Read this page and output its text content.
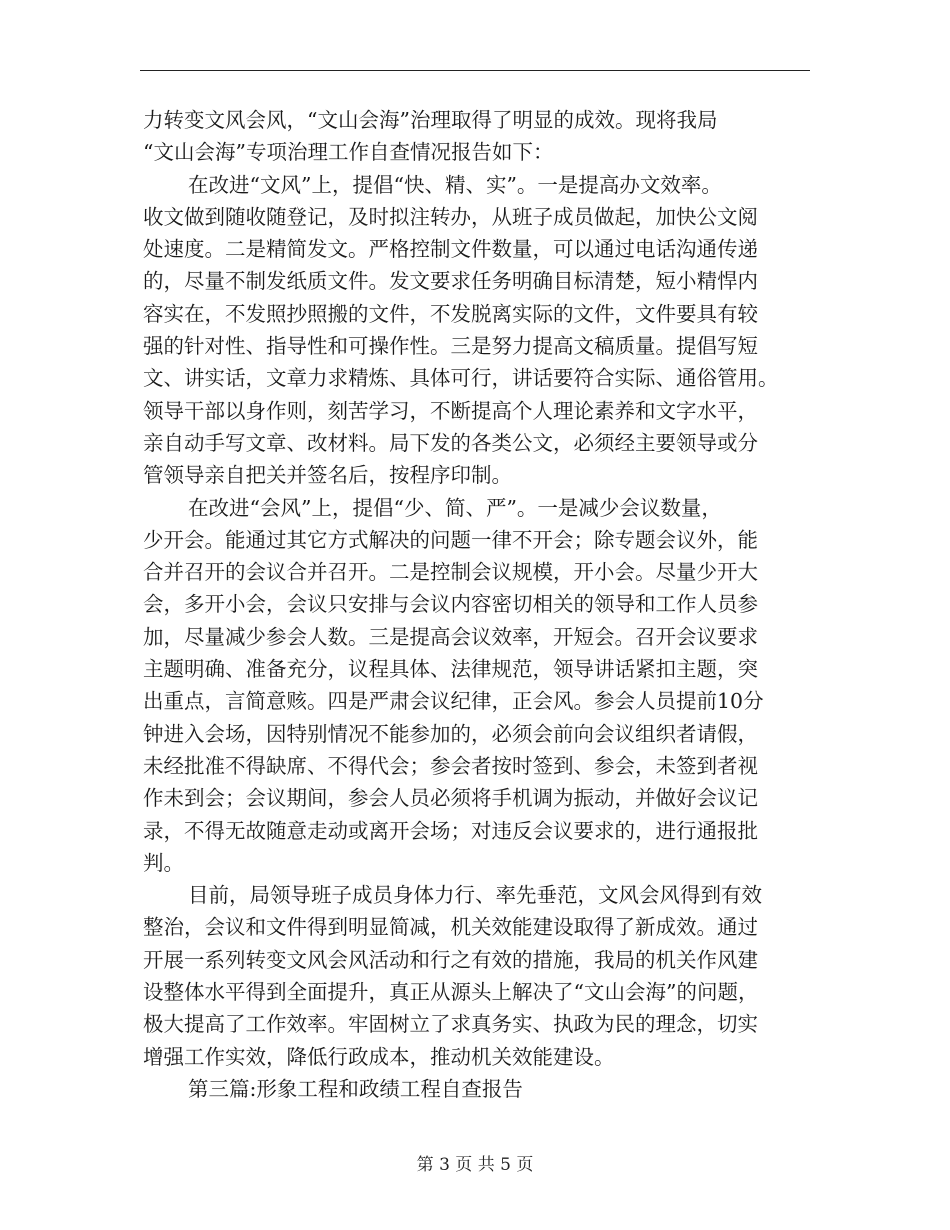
力转变文风会风，“文山会海”治理取得了明显的成效。现将我局
“文山会海”专项治理工作自查情况报告如下：
在改进“文风”上，提倡“快、精、实”。一是提高办文效率。
收文做到随收随登记，及时拟注转办，从班子成员做起，加快公文阅
处速度。二是精简发文。严格控制文件数量，可以通过电话沟通传递
的，尽量不制发纸质文件。发文要求任务明确目标清楚，短小精悍内
容实在，不发照抄照搬的文件，不发脱离实际的文件，文件要具有较
强的针对性、指导性和可操作性。三是努力提高文稿质量。提倡写短
文、讲实话，文章力求精炼、具体可行，讲话要符合实际、通俗管用。
领导干部以身作则，刻苦学习，不断提高个人理论素养和文字水平，
亲自动手写文章、改材料。局下发的各类公文，必须经主要领导或分
管领导亲自把关并签名后，按程序印制。
在改进“会风”上，提倡“少、简、严”。一是减少会议数量，
少开会。能通过其它方式解决的问题一律不开会；除专题会议外，能
合并召开的会议合并召开。二是控制会议规模，开小会。尽量少开大
会，多开小会，会议只安排与会议内容密切相关的领导和工作人员参
加，尽量减少参会人数。三是提高会议效率，开短会。召开会议要求
主题明确、准备充分，议程具体、法律规范，领导讲话紧扣主题，突
出重点，言简意赅。四是严肃会议纪律，正会风。参会人员提前10分
钟进入会场，因特别情况不能参加的，必须会前向会议组织者请假，
未经批准不得缺席、不得代会；参会者按时签到、参会，未签到者视
作未到会；会议期间，参会人员必须将手机调为振动，并做好会议记
录，不得无故随意走动或离开会场；对违反会议要求的，进行通报批
判。
目前，局领导班子成员身体力行、率先垂范，文风会风得到有效
整治，会议和文件得到明显简减，机关效能建设取得了新成效。通过
开展一系列转变文风会风活动和行之有效的措施，我局的机关作风建
设整体水平得到全面提升，真正从源头上解决了“文山会海”的问题，
极大提高了工作效率。牢固树立了求真务实、执政为民的理念，切实
增强工作实效，降低行政成本，推动机关效能建设。
第三篇:形象工程和政绩工程自查报告
第 3 页 共 5 页
